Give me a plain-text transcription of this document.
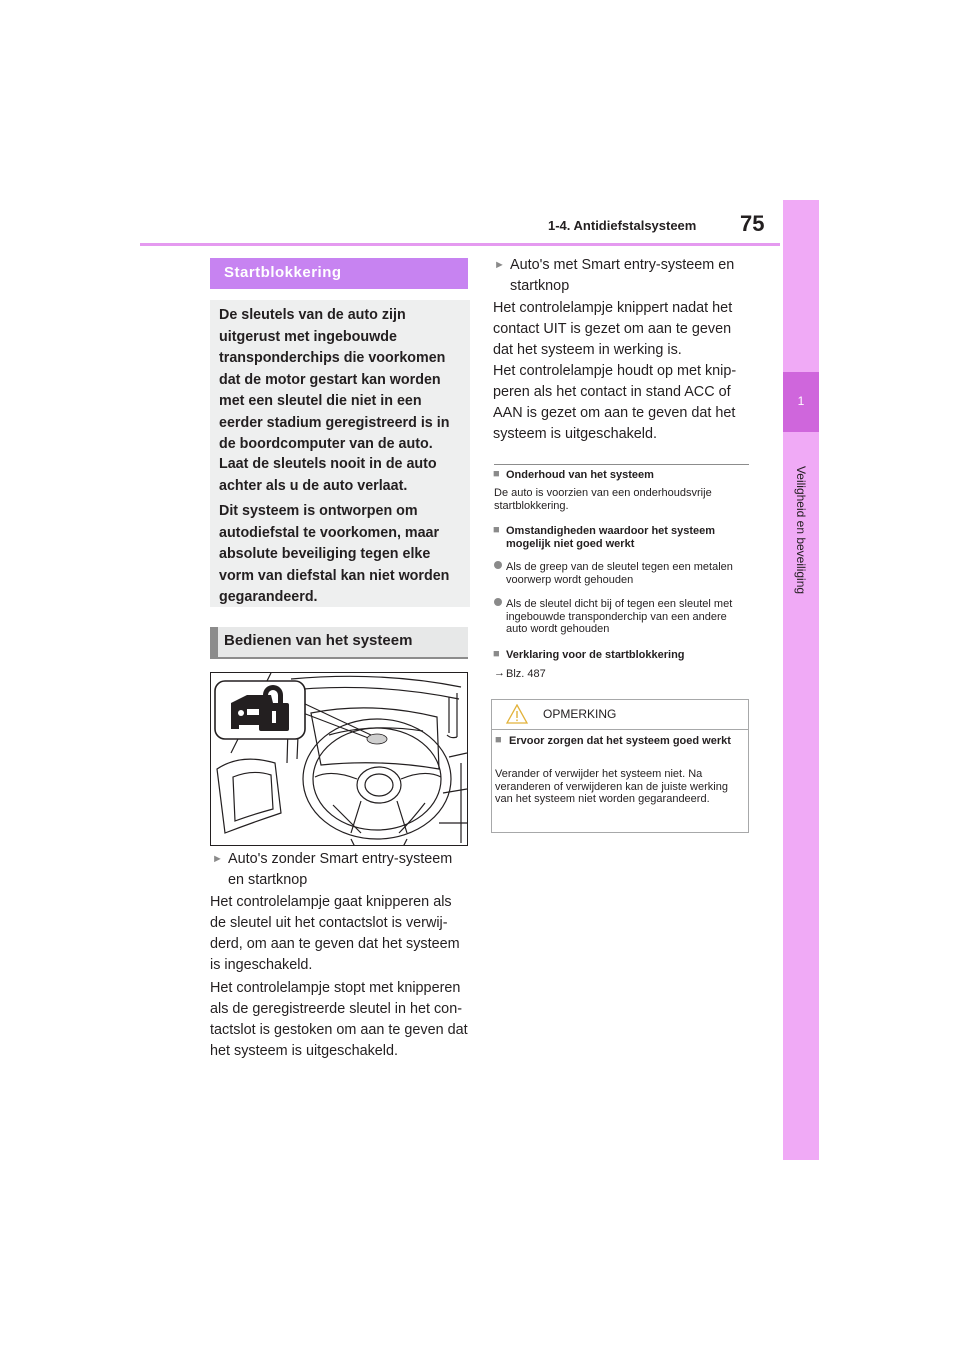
1-4. Antidiefstalsysteem 75
1
Veiligheid en beveiliging
Startblokkering

De sleutels van de auto zijn uitgerust met ingebouwde transponderchips die voorkomen dat de motor gestart kan worden met een sleutel die niet in een eerder stadium geregistreerd is in de boordcomputer van de auto.

Laat de sleutels nooit in de auto achter als u de auto verlaat.

Dit systeem is ontworpen om autodiefstal te voorkomen, maar absolute beveiliging tegen elke vorm van diefstal kan niet worden gegarandeerd.

Bedienen van het systeem
► Auto's zonder Smart entry-systeem en startknop

Het controlelampje gaat knipperen als de sleutel uit het contactslot is verwijderd, om aan te geven dat het systeem is ingeschakeld.

Het controlelampje stopt met knipperen als de geregistreerde sleutel in het contactslot is gestoken om aan te geven dat het systeem is uitgeschakeld.

► Auto's met Smart entry-systeem en startknop

Het controlelampje knippert nadat het contact UIT is gezet om aan te geven dat het systeem in werking is.

Het controlelampje houdt op met knipperen als het contact in stand ACC of AAN is gezet om aan te geven dat het systeem is uitgeschakeld.

■ Onderhoud van het systeem

De auto is voorzien van een onderhoudsvrije startblokkering.

■ Omstandigheden waardoor het systeem mogelijk niet goed werkt

Als de greep van de sleutel tegen een metalen voorwerp wordt gehouden

Als de sleutel dicht bij of tegen een sleutel met ingebouwde transponderchip van een andere auto wordt gehouden

■ Verklaring voor de startblokkering

→ Blz. 487

OPMERKING
■ Ervoor zorgen dat het systeem goed werkt

Verander of verwijder het systeem niet. Na veranderen of verwijderen kan de juiste werking van het systeem niet worden gegarandeerd.
